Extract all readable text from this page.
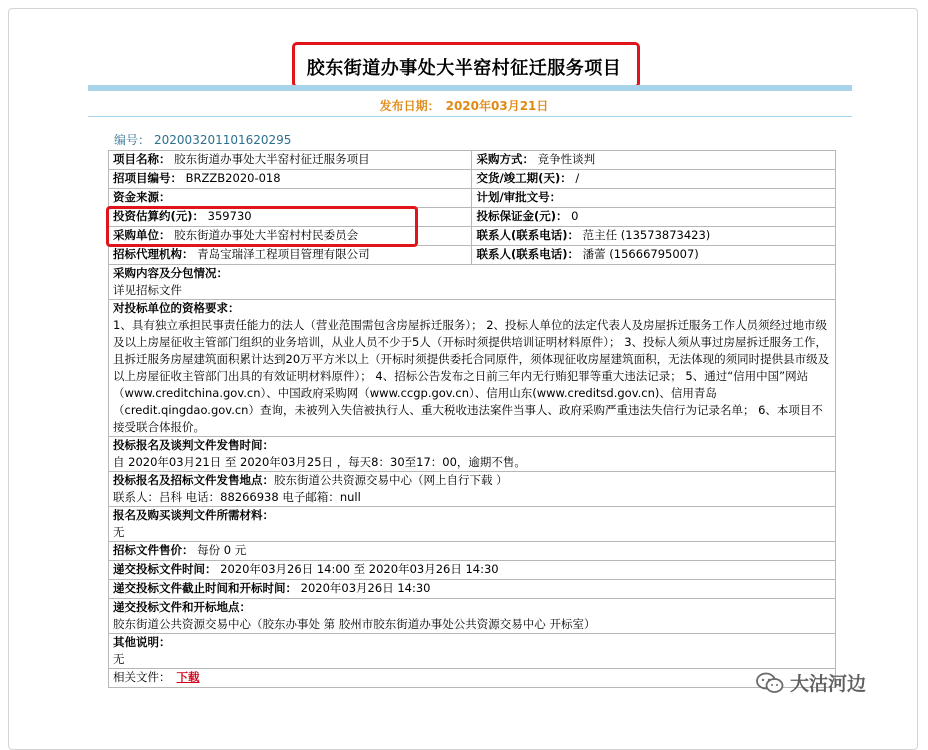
胶东街道办事处大半窑村征迁服务项目
发布日期： 2020年03月21日
编号： 202003201101620295
项目名称： 胶东街道办事处大半窑村征迁服务项目	采购方式： 竞争性谈判
招项目编号： BRZZB2020-018	交货/竣工期(天)： /
资金来源：	计划/审批文号：
投资估算约(元)： 359730	投标保证金(元)： 0
采购单位： 胶东街道办事处大半窑村村民委员会	联系人(联系电话)： 范主任 (13573873423)
招标代理机构： 青岛宝瑞泽工程项目管理有限公司	联系人(联系电话)： 潘蕾 (15666795007)

采购内容及分包情况：
详见招标文件	

对投标单位的资格要求：
1、具有独立承担民事责任能力的法人（营业范围需包含房屋拆迁服务）； 2、投标人单位的法定代表人及房屋拆迁服务工作人员须经过地市级及以上房屋征收主管部门组织的业务培训，从业人员不少于5人（开标时须提供培训证明材料原件）； 3、投标人须从事过房屋拆迁服务工作，且拆迁服务房屋建筑面积累计达到20万平方米以上（开标时须提供委托合同原件，须体现征收房屋建筑面积，无法体现的须同时提供县市级及以上房屋征收主管部门出具的有效证明材料原件）； 4、招标公告发布之日前三年内无行贿犯罪等重大违法记录； 5、通过“信用中国”网站（www.creditchina.gov.cn）、中国政府采购网（www.ccgp.gov.cn）、信用山东(www.creditsd.gov.cn)、信用青岛（credit.qingdao.gov.cn）查询，未被列入失信被执行人、重大税收违法案件当事人、政府采购严重违法失信行为记录名单； 6、本项目不接受联合体报价。	

投标报名及谈判文件发售时间：
自 2020年03月21日 至 2020年03月25日 ，每天8：30至17：00，逾期不售。	

投标报名及招标文件发售地点：胶东街道公共资源交易中心（网上自行下载 ）
联系人：吕科 电话：88266938 电子邮箱：null	

报名及购买谈判文件所需材料：
无	

招标文件售价： 每份 0 元	
递交投标文件时间： 2020年03月26日 14:00 至 2020年03月26日 14:30	
递交投标文件截止时间和开标时间： 2020年03月26日 14:30	

递交投标文件和开标地点：
胶东街道公共资源交易中心（胶东办事处 第 胶州市胶东街道办事处公共资源交易中心 开标室）	

其他说明：
无	

相关文件： 下载		大沽河边
